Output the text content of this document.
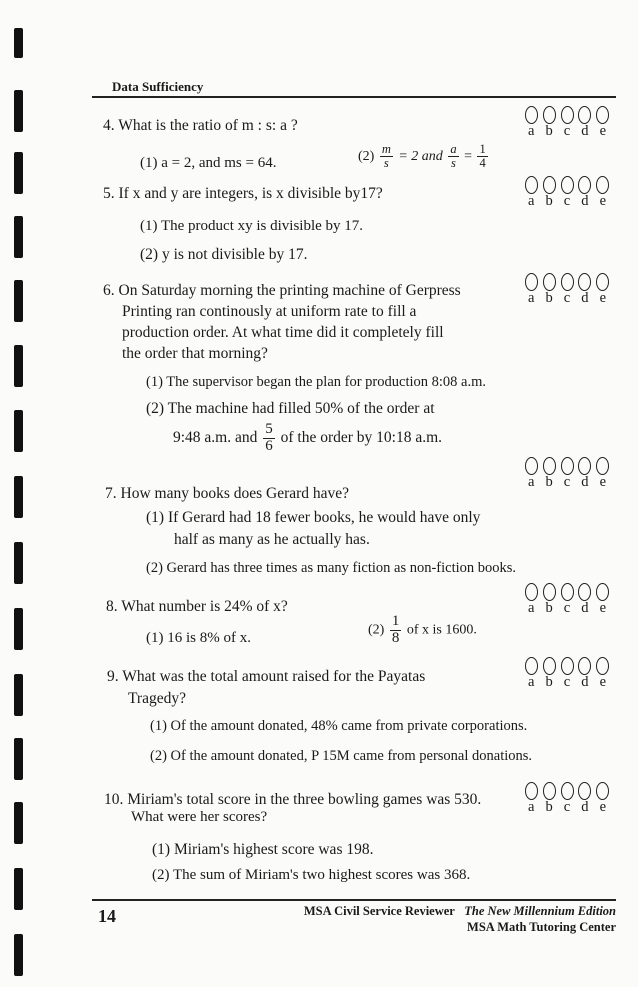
Data Sufficiency
4. What is the ratio of m : s: a ?	a b c d e
(1) a = 2, and ms = 64.	$(2) \frac{m}{s} = 2$ and $\frac{a}{s} = \frac{1}{4}$
5. If x and y are integers, is x divisible by17?	a b c d e
(1) The product xy is divisible by 17.
(2) y is not divisible by 17.
6. On Saturday morning the printing machine of Gerpress
Printing ran continously at uniform rate to fill a
production order. At what time did it completely fill
the order that morning?
a b c d e
(1) The supervisor began the plan for production 8:08 a.m.
(2) The machine had filled 50% of the order at
9:48 a.m. and $\frac{5}{6}$ of the order by 10:18 a.m.
a b c d e
7. How many books does Gerard have?
(1) If Gerard had 18 fewer books, he would have only
half as many as he actually has.
(2) Gerard has three times as many fiction as non-fiction books.
a b c d e
8. What number is 24% of x?
(1) 16 is 8% of x.
$(2) \frac{1}{8}$ of x is 1600.
9. What was the total amount raised for the Payatas
Tragedy?
a b c d e
(1) Of the amount donated, 48% came from private corporations.
(2) Of the amount donated, P 15M came from personal donations.
10. Miriam's total score in the three bowling games was 530.
What were her scores?
a b c d e
(1) Miriam's highest score was 198.
(2) The sum of Miriam's two highest scores was 368.
14	MSA Civil Service Reviewer The New Millennium Edition
MSA Math Tutoring Center
